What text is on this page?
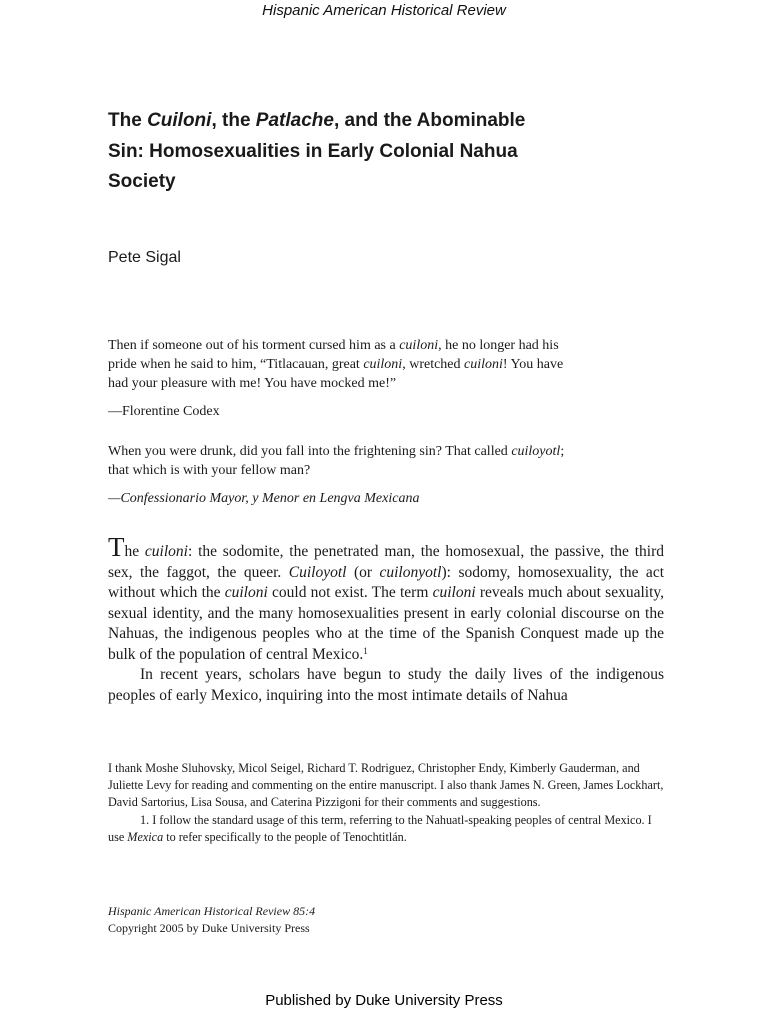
Hispanic American Historical Review
The Cuiloni, the Patlache, and the Abominable Sin: Homosexualities in Early Colonial Nahua Society
Pete Sigal

Then if someone out of his torment cursed him as a cuiloni, he no longer had his pride when he said to him, “Titlacauan, great cuiloni, wretched cuiloni! You have had your pleasure with me! You have mocked me!”

—Florentine Codex

When you were drunk, did you fall into the frightening sin? That called cuiloyotl; that which is with your fellow man?

—Confessionario Mayor, y Menor en Lengva Mexicana

The cuiloni: the sodomite, the penetrated man, the homosexual, the passive, the third sex, the faggot, the queer. Cuiloyotl (or cuilonyotl): sodomy, homosexuality, the act without which the cuiloni could not exist. The term cuiloni reveals much about sexuality, sexual identity, and the many homosexualities present in early colonial discourse on the Nahuas, the indigenous peoples who at the time of the Spanish Conquest made up the bulk of the population of central Mexico.$^1$

In recent years, scholars have begun to study the daily lives of the indigenous peoples of early Mexico, inquiring into the most intimate details of Nahua

I thank Moshe Sluhovsky, Micol Seigel, Richard T. Rodriguez, Christopher Endy, Kimberly Gauderman, and Juliette Levy for reading and commenting on the entire manuscript. I also thank James N. Green, James Lockhart, David Sartorius, Lisa Sousa, and Caterina Pizzigoni for their comments and suggestions.

1. I follow the standard usage of this term, referring to the Nahuatl-speaking peoples of central Mexico. I use Mexica to refer specifically to the people of Tenochtitlán.

Hispanic American Historical Review 85:4
Copyright 2005 by Duke University Press
Published by Duke University Press
